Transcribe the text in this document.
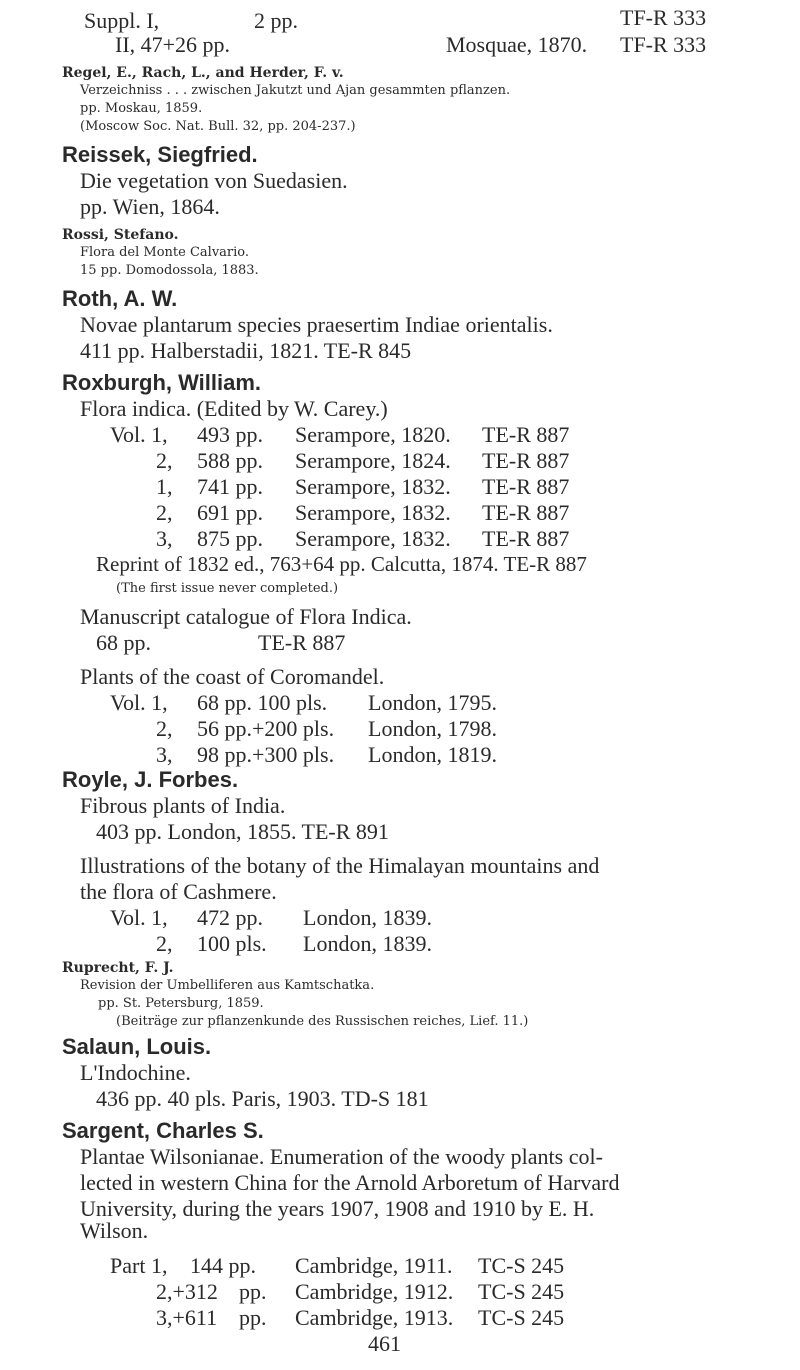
Suppl. I,	2 pp.	TF-R 333
II, 47+26 pp.	Mosquae, 1870. TF-R 333
Regel, E., Rach, L., and Herder, F. v.
Verzeichniss . . . zwischen Jakutzt und Ajan gesammten pflanzen.
pp. Moskau, 1859.
(Moscow Soc. Nat. Bull. 32, pp. 204-237.)
Reissek, Siegfried.
Die vegetation von Suedasien.
pp. Wien, 1864.
Rossi, Stefano.
Flora del Monte Calvario.
15 pp. Domodossola, 1883.
Roth, A. W.
Novae plantarum species praesertim Indiae orientalis.
411 pp. Halberstadii, 1821. TE-R 845
Roxburgh, William.
Flora indica. (Edited by W. Carey.)
Vol. 1, 493 pp. Serampore, 1820. TE-R 887
2, 588 pp. Serampore, 1824. TE-R 887
1, 741 pp. Serampore, 1832. TE-R 887
2, 691 pp. Serampore, 1832. TE-R 887
3, 875 pp. Serampore, 1832. TE-R 887
Reprint of 1832 ed., 763+64 pp. Calcutta, 1874. TE-R 887
(The first issue never completed.)
Manuscript catalogue of Flora Indica.
68 pp.	TE-R 887
Plants of the coast of Coromandel.
Vol. 1, 68 pp. 100 pls. London, 1795.
2, 56 pp.+200 pls. London, 1798.
3, 98 pp.+300 pls. London, 1819.
Royle, J. Forbes.
Fibrous plants of India.
403 pp. London, 1855. TE-R 891
Illustrations of the botany of the Himalayan mountains and
the flora of Cashmere.
Vol. 1, 472 pp. London, 1839.
2, 100 pls. London, 1839.
Ruprecht, F. J.
Revision der Umbelliferen aus Kamtschatka.
pp. St. Petersburg, 1859.
(Beiträge zur pflanzenkunde des Russischen reiches, Lief. 11.)
Salaun, Louis.
L'Indochine.
436 pp. 40 pls. Paris, 1903. TD-S 181
Sargent, Charles S.
Plantae Wilsonianae. Enumeration of the woody plants col-
lected in western China for the Arnold Arboretum of Harvard
University, during the years 1907, 1908 and 1910 by E. H.
Wilson.
Part 1, 144 pp. Cambridge, 1911. TC-S 245
2,+312 pp. Cambridge, 1912. TC-S 245
3,+611 pp. Cambridge, 1913. TC-S 245
461
